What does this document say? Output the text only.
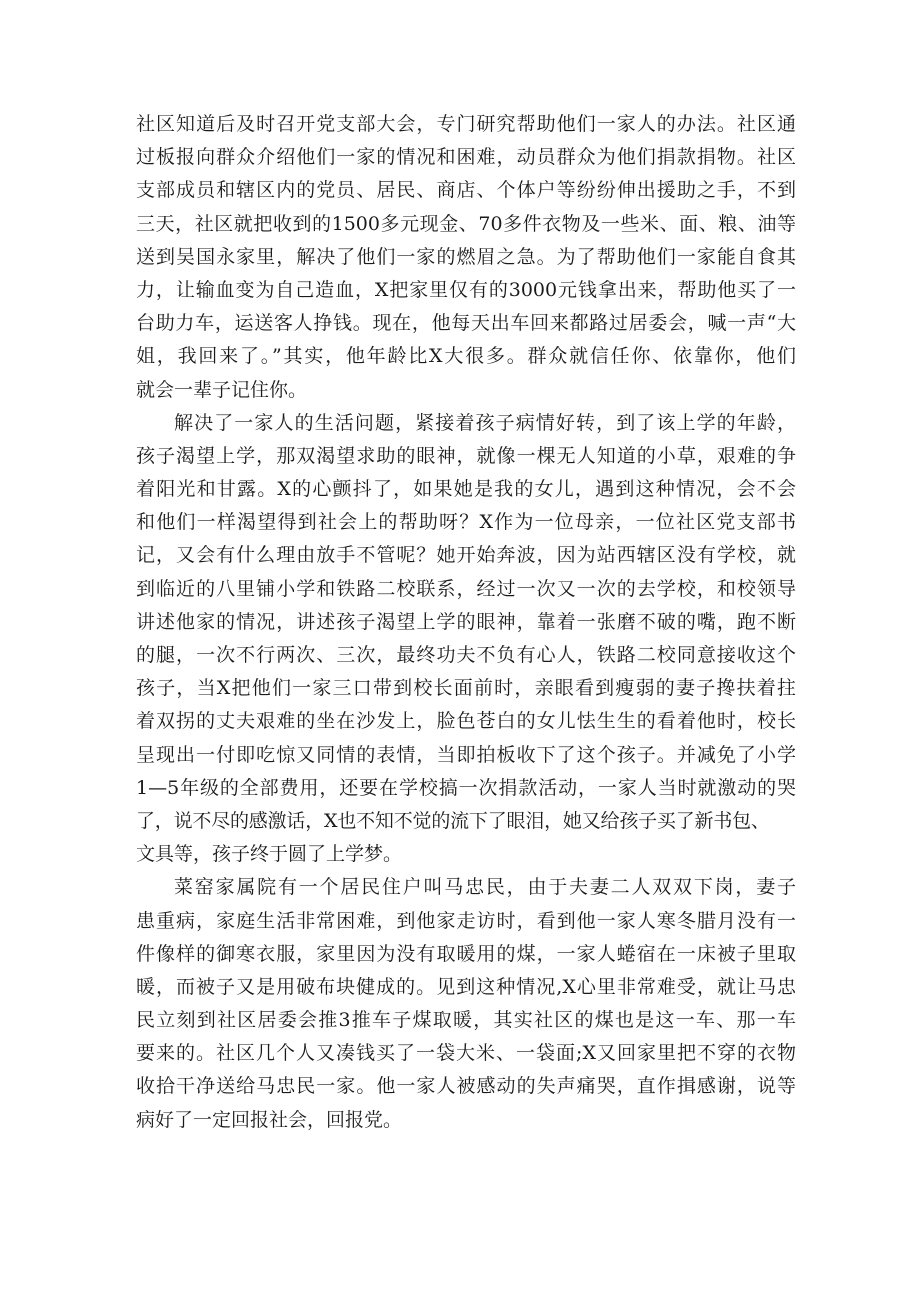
社区知道后及时召开党支部大会，专门研究帮助他们一家人的办法。社区通
过板报向群众介绍他们一家的情况和困难，动员群众为他们捐款捐物。社区
支部成员和辖区内的党员、居民、商店、个体户等纷纷伸出援助之手，不到
三天，社区就把收到的1500多元现金、70多件衣物及一些米、面、粮、油等
送到吴国永家里，解决了他们一家的燃眉之急。为了帮助他们一家能自食其
力，让输血变为自己造血，X把家里仅有的3000元钱拿出来，帮助他买了一
台助力车，运送客人挣钱。现在，他每天出车回来都路过居委会，喊一声“大
姐，我回来了。”其实，他年龄比X大很多。群众就信任你、依靠你，他们
就会一辈子记住你。
解决了一家人的生活问题，紧接着孩子病情好转，到了该上学的年龄，
孩子渴望上学，那双渴望求助的眼神，就像一棵无人知道的小草，艰难的争
着阳光和甘露。X的心颤抖了，如果她是我的女儿，遇到这种情况，会不会
和他们一样渴望得到社会上的帮助呀？X作为一位母亲，一位社区党支部书
记，又会有什么理由放手不管呢？她开始奔波，因为站西辖区没有学校，就
到临近的八里铺小学和铁路二校联系，经过一次又一次的去学校，和校领导
讲述他家的情况，讲述孩子渴望上学的眼神，靠着一张磨不破的嘴，跑不断
的腿，一次不行两次、三次，最终功夫不负有心人，铁路二校同意接收这个
孩子，当X把他们一家三口带到校长面前时，亲眼看到瘦弱的妻子搀扶着拄
着双拐的丈夫艰难的坐在沙发上，脸色苍白的女儿怯生生的看着他时，校长
呈现出一付即吃惊又同情的表情，当即拍板收下了这个孩子。并减免了小学
1—5年级的全部费用，还要在学校搞一次捐款活动，一家人当时就激动的哭
了，说不尽的感激话，X也不知不觉的流下了眼泪，她又给孩子买了新书包、
文具等，孩子终于圆了上学梦。
菜窑家属院有一个居民住户叫马忠民，由于夫妻二人双双下岗，妻子
患重病，家庭生活非常困难，到他家走访时，看到他一家人寒冬腊月没有一
件像样的御寒衣服，家里因为没有取暖用的煤，一家人蜷宿在一床被子里取
暖，而被子又是用破布块健成的。见到这种情况,X心里非常难受，就让马忠
民立刻到社区居委会推3推车子煤取暖，其实社区的煤也是这一车、那一车
要来的。社区几个人又凑钱买了一袋大米、一袋面;X又回家里把不穿的衣物
收拾干净送给马忠民一家。他一家人被感动的失声痛哭，直作揖感谢，说等
病好了一定回报社会，回报党。
